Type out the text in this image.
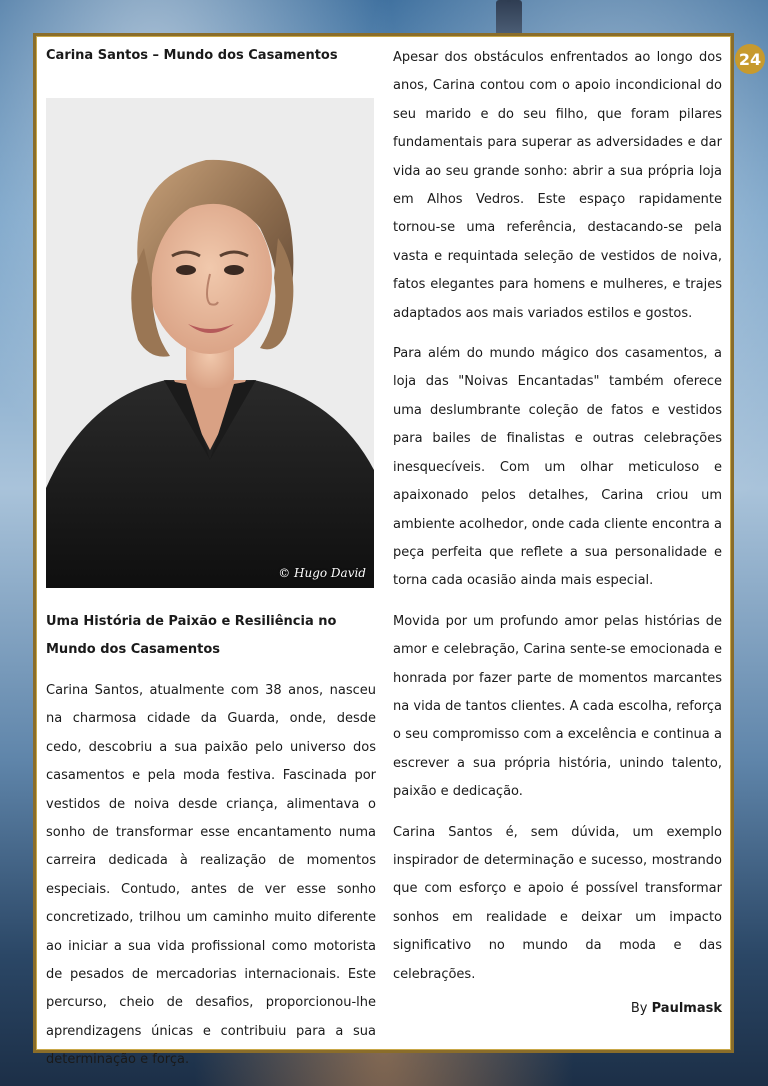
24
Carina Santos – Mundo dos Casamentos
© Hugo David
Uma História de Paixão e Resiliência no Mundo dos Casamentos

Carina Santos, atualmente com 38 anos, nasceu na charmosa cidade da Guarda, onde, desde cedo, descobriu a sua paixão pelo universo dos casamentos e pela moda festiva. Fascinada por vestidos de noiva desde criança, alimentava o sonho de transformar esse encantamento numa carreira dedicada à realização de momentos especiais. Contudo, antes de ver esse sonho concretizado, trilhou um caminho muito diferente ao iniciar a sua vida profissional como motorista de pesados de mercadorias internacionais. Este percurso, cheio de desafios, proporcionou-lhe aprendizagens únicas e contribuiu para a sua determinação e força.

Apesar dos obstáculos enfrentados ao longo dos anos, Carina contou com o apoio incondicional do seu marido e do seu filho, que foram pilares fundamentais para superar as adversidades e dar vida ao seu grande sonho: abrir a sua própria loja em Alhos Vedros. Este espaço rapidamente tornou-se uma referência, destacando-se pela vasta e requintada seleção de vestidos de noiva, fatos elegantes para homens e mulheres, e trajes adaptados aos mais variados estilos e gostos.

Para além do mundo mágico dos casamentos, a loja das "Noivas Encantadas" também oferece uma deslumbrante coleção de fatos e vestidos para bailes de finalistas e outras celebrações inesquecíveis. Com um olhar meticuloso e apaixonado pelos detalhes, Carina criou um ambiente acolhedor, onde cada cliente encontra a peça perfeita que reflete a sua personalidade e torna cada ocasião ainda mais especial.

Movida por um profundo amor pelas histórias de amor e celebração, Carina sente-se emocionada e honrada por fazer parte de momentos marcantes na vida de tantos clientes. A cada escolha, reforça o seu compromisso com a excelência e continua a escrever a sua própria história, unindo talento, paixão e dedicação.

Carina Santos é, sem dúvida, um exemplo inspirador de determinação e sucesso, mostrando que com esforço e apoio é possível transformar sonhos em realidade e deixar um impacto significativo no mundo da moda e das celebrações.

By Paulmask
